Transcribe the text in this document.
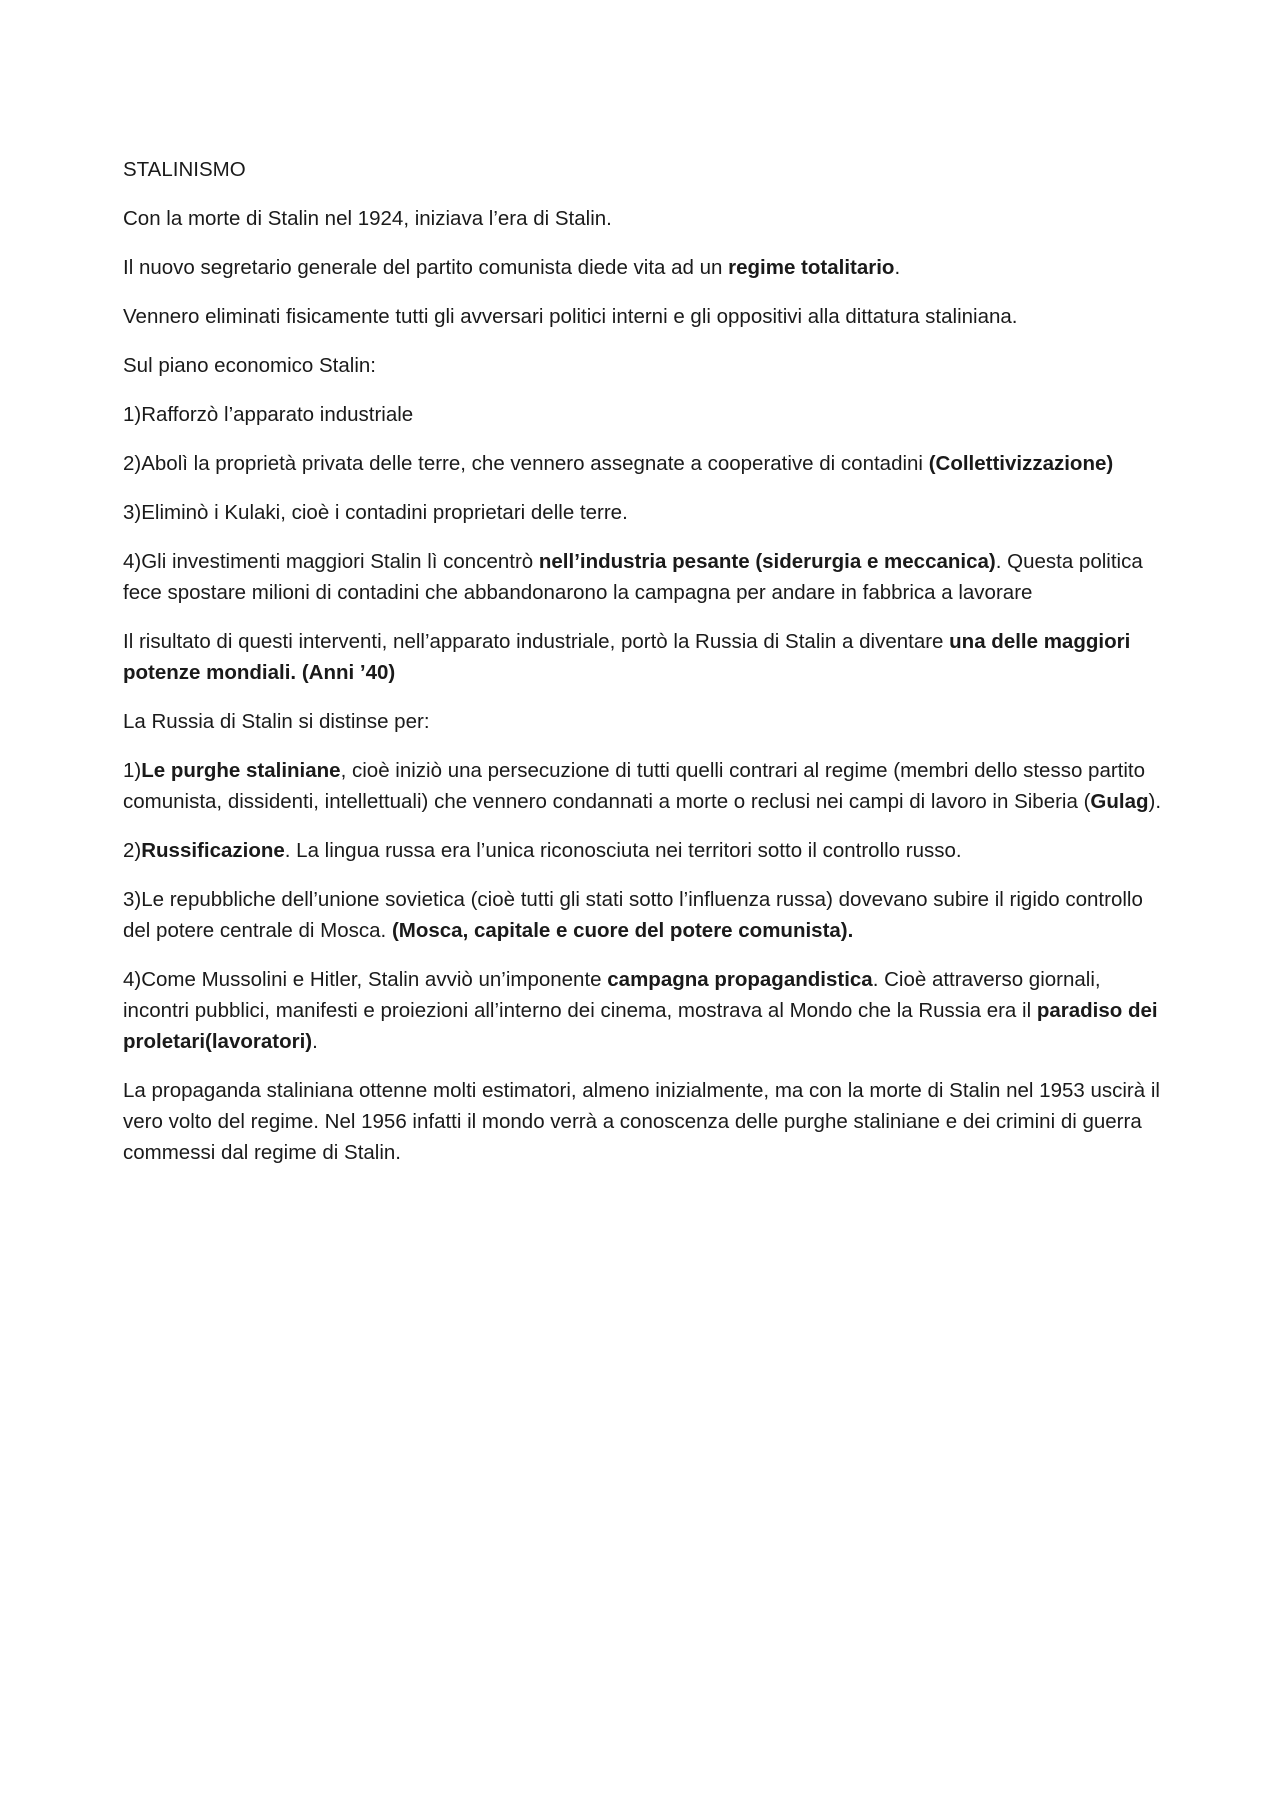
STALINISMO

Con la morte di Stalin nel 1924, iniziava l’era di Stalin.

Il nuovo segretario generale del partito comunista diede vita ad un regime totalitario.

Vennero eliminati fisicamente tutti gli avversari politici interni e gli oppositivi alla dittatura staliniana.

Sul piano economico Stalin:

1)Rafforzò l’apparato industriale

2)Abolì la proprietà privata delle terre, che vennero assegnate a cooperative di contadini (Collettivizzazione)

3)Eliminò i Kulaki, cioè i contadini proprietari delle terre.

4)Gli investimenti maggiori Stalin lì concentrò nell’industria pesante (siderurgia e meccanica). Questa politica fece spostare milioni di contadini che abbandonarono la campagna per andare in fabbrica a lavorare

Il risultato di questi interventi, nell’apparato industriale, portò la Russia di Stalin a diventare una delle maggiori potenze mondiali. (Anni ’40)

La Russia di Stalin si distinse per:

1)Le purghe staliniane, cioè iniziò una persecuzione di tutti quelli contrari al regime (membri dello stesso partito comunista, dissidenti, intellettuali) che vennero condannati a morte o reclusi nei campi di lavoro in Siberia (Gulag).

2)Russificazione. La lingua russa era l’unica riconosciuta nei territori sotto il controllo russo.

3)Le repubbliche dell’unione sovietica (cioè tutti gli stati sotto l’influenza russa) dovevano subire il rigido controllo del potere centrale di Mosca. (Mosca, capitale e cuore del potere comunista).

4)Come Mussolini e Hitler, Stalin avviò un’imponente campagna propagandistica. Cioè attraverso giornali, incontri pubblici, manifesti e proiezioni all’interno dei cinema, mostrava al Mondo che la Russia era il paradiso dei proletari(lavoratori).

La propaganda staliniana ottenne molti estimatori, almeno inizialmente, ma con la morte di Stalin nel 1953 uscirà il vero volto del regime. Nel 1956 infatti il mondo verrà a conoscenza delle purghe staliniane e dei crimini di guerra commessi dal regime di Stalin.
